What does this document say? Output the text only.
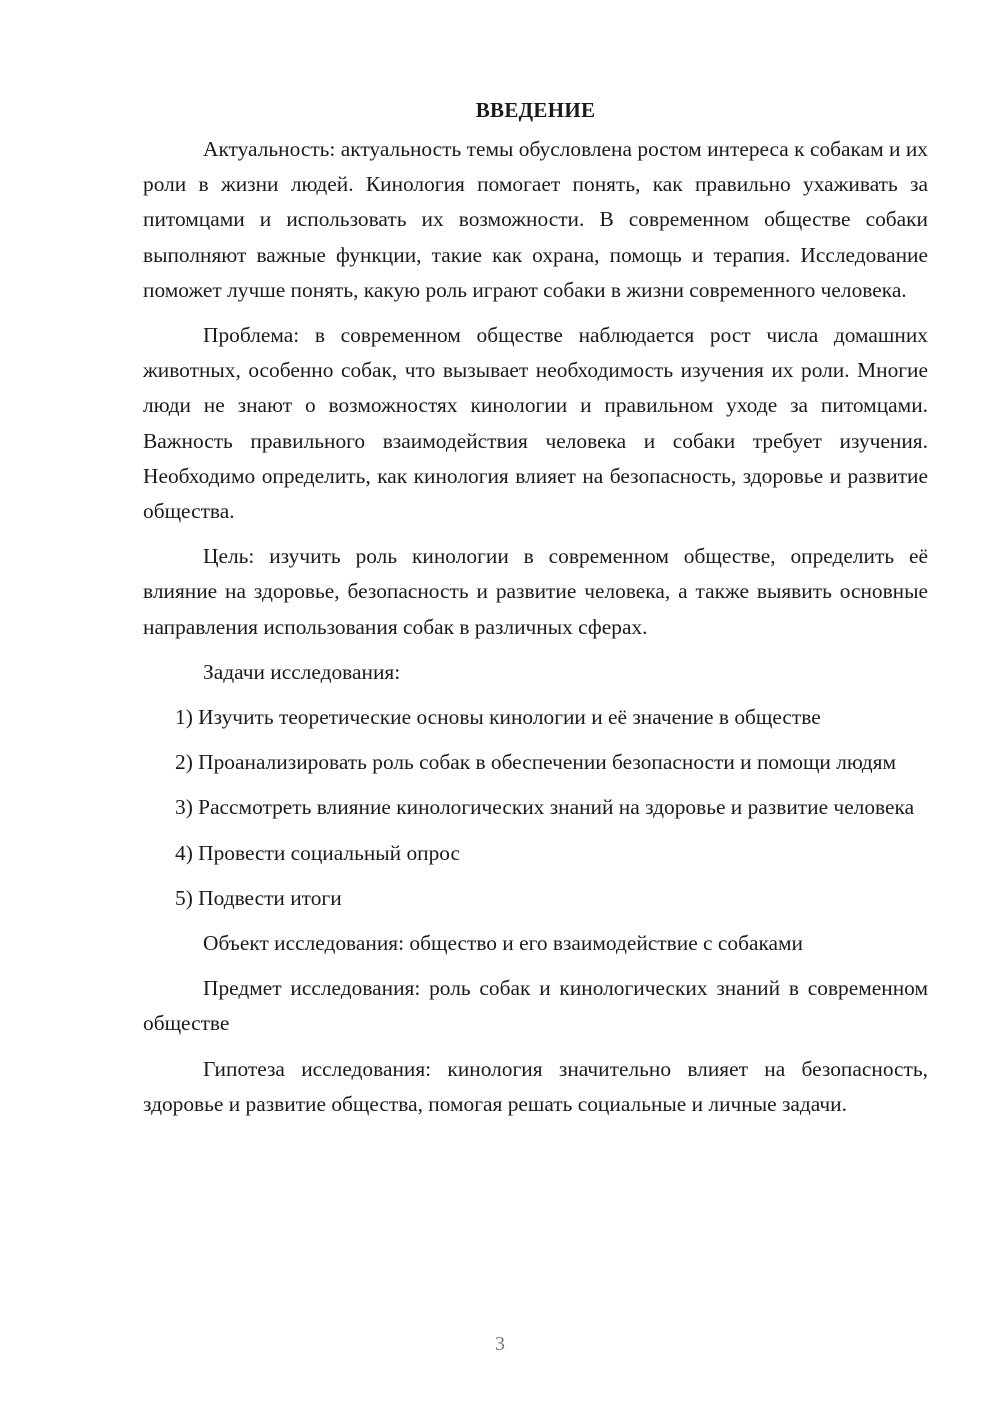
ВВЕДЕНИЕ

Актуальность: актуальность темы обусловлена ростом интереса к собакам и их роли в жизни людей. Кинология помогает понять, как правильно ухаживать за питомцами и использовать их возможности. В современном обществе собаки выполняют важные функции, такие как охрана, помощь и терапия. Исследование поможет лучше понять, какую роль играют собаки в жизни современного человека.

Проблема: в современном обществе наблюдается рост числа домашних животных, особенно собак, что вызывает необходимость изучения их роли. Многие люди не знают о возможностях кинологии и правильном уходе за питомцами. Важность правильного взаимодействия человека и собаки требует изучения. Необходимо определить, как кинология влияет на безопасность, здоровье и развитие общества.

Цель: изучить роль кинологии в современном обществе, определить её влияние на здоровье, безопасность и развитие человека, а также выявить основные направления использования собак в различных сферах.

Задачи исследования:

1) Изучить теоретические основы кинологии и её значение в обществе

2) Проанализировать роль собак в обеспечении безопасности и помощи людям

3) Рассмотреть влияние кинологических знаний на здоровье и развитие человека

4) Провести социальный опрос

5) Подвести итоги

Объект исследования: общество и его взаимодействие с собаками

Предмет исследования: роль собак и кинологических знаний в современном обществе

Гипотеза исследования: кинология значительно влияет на безопасность, здоровье и развитие общества, помогая решать социальные и личные задачи.

3
